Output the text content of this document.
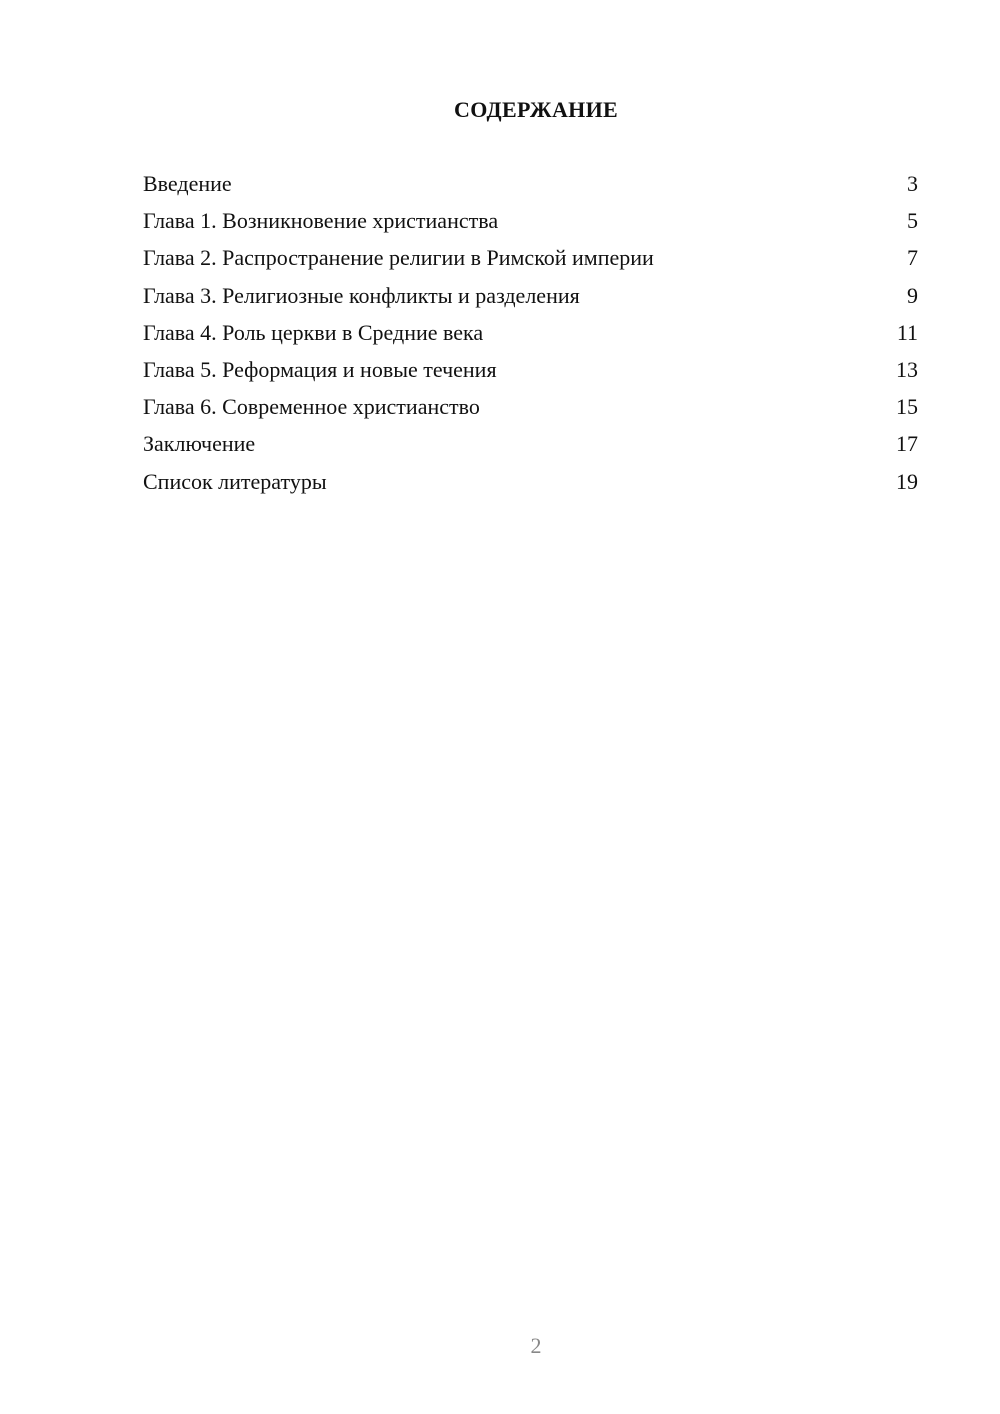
СОДЕРЖАНИЕ
Введение	3
Глава 1. Возникновение христианства	5
Глава 2. Распространение религии в Римской империи	7
Глава 3. Религиозные конфликты и разделения	9
Глава 4. Роль церкви в Средние века	11
Глава 5. Реформация и новые течения	13
Глава 6. Современное христианство	15
Заключение	17
Список литературы	19
2
